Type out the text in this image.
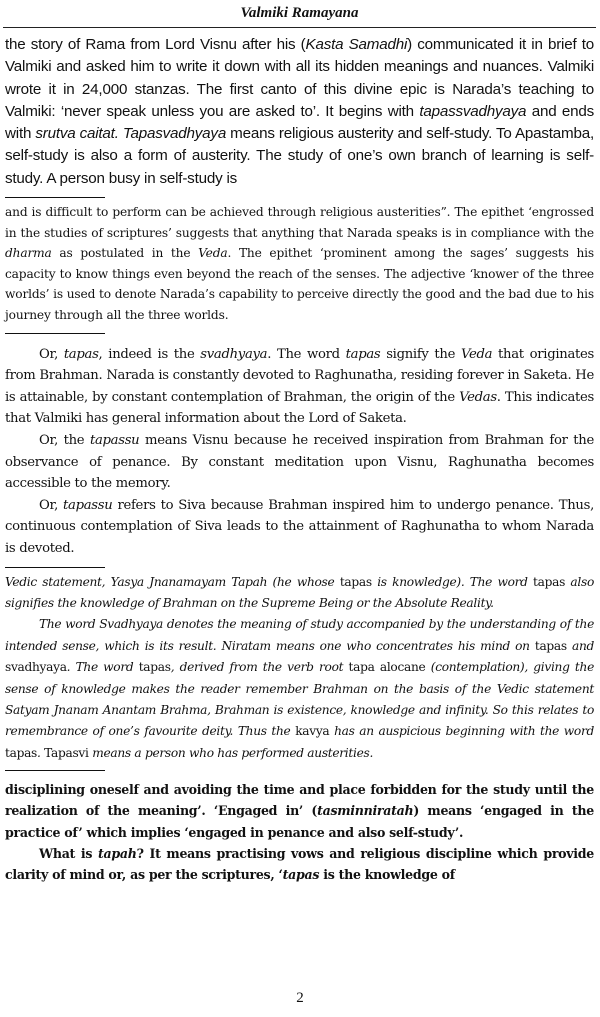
Valmiki Ramayana

the story of Rama from Lord Visnu after his (Kasta Samadhi) communicated it in brief to Valmiki and asked him to write it down with all its hidden meanings and nuances. Valmiki wrote it in 24,000 stanzas. The first canto of this divine epic is Narada’s teaching to Valmiki: ‘never speak unless you are asked to’. It begins with tapassvadhyaya and ends with srutva caitat. Tapasvadhyaya means religious austerity and self-study. To Apastamba, self-study is also a form of austerity. The study of one’s own branch of learning is self-study. A person busy in self-study is

and is difficult to perform can be achieved through religious austerities”. The epithet ‘engrossed in the studies of scriptures’ suggests that anything that Narada speaks is in compliance with the dharma as postulated in the Veda. The epithet ‘prominent among the sages’ suggests his capacity to know things even beyond the reach of the senses. The adjective ‘knower of the three worlds’ is used to denote Narada’s capability to perceive directly the good and the bad due to his journey through all the three worlds.

Or, tapas, indeed is the svadhyaya. The word tapas signify the Veda that originates from Brahman. Narada is constantly devoted to Raghunatha, residing forever in Saketa. He is attainable, by constant contemplation of Brahman, the origin of the Vedas. This indicates that Valmiki has general information about the Lord of Saketa.

Or, the tapassu means Visnu because he received inspiration from Brahman for the observance of penance. By constant meditation upon Visnu, Raghunatha becomes accessible to the memory.

Or, tapassu refers to Siva because Brahman inspired him to undergo penance. Thus, continuous contemplation of Siva leads to the attainment of Raghunatha to whom Narada is devoted.

Vedic statement, Yasya Jnanamayam Tapah (he whose tapas is knowledge). The word tapas also signifies the knowledge of Brahman on the Supreme Being or the Absolute Reality.

The word Svadhyaya denotes the meaning of study accompanied by the understanding of the intended sense, which is its result. Niratam means one who concentrates his mind on tapas and svadhyaya. The word tapas, derived from the verb root tapa alocane (contemplation), giving the sense of knowledge makes the reader remember Brahman on the basis of the Vedic statement Satyam Jnanam Anantam Brahma, Brahman is existence, knowledge and infinity. So this relates to remembrance of one’s favourite deity. Thus the kavya has an auspicious beginning with the word tapas. Tapasvi means a person who has performed austerities.

disciplining oneself and avoiding the time and place forbidden for the study until the realization of the meaning’. ‘Engaged in’ (tasminniratah) means ‘engaged in the practice of’ which implies ‘engaged in penance and also self-study’.

What is tapah? It means practising vows and religious discipline which provide clarity of mind or, as per the scriptures, ‘tapas is the knowledge of

2
